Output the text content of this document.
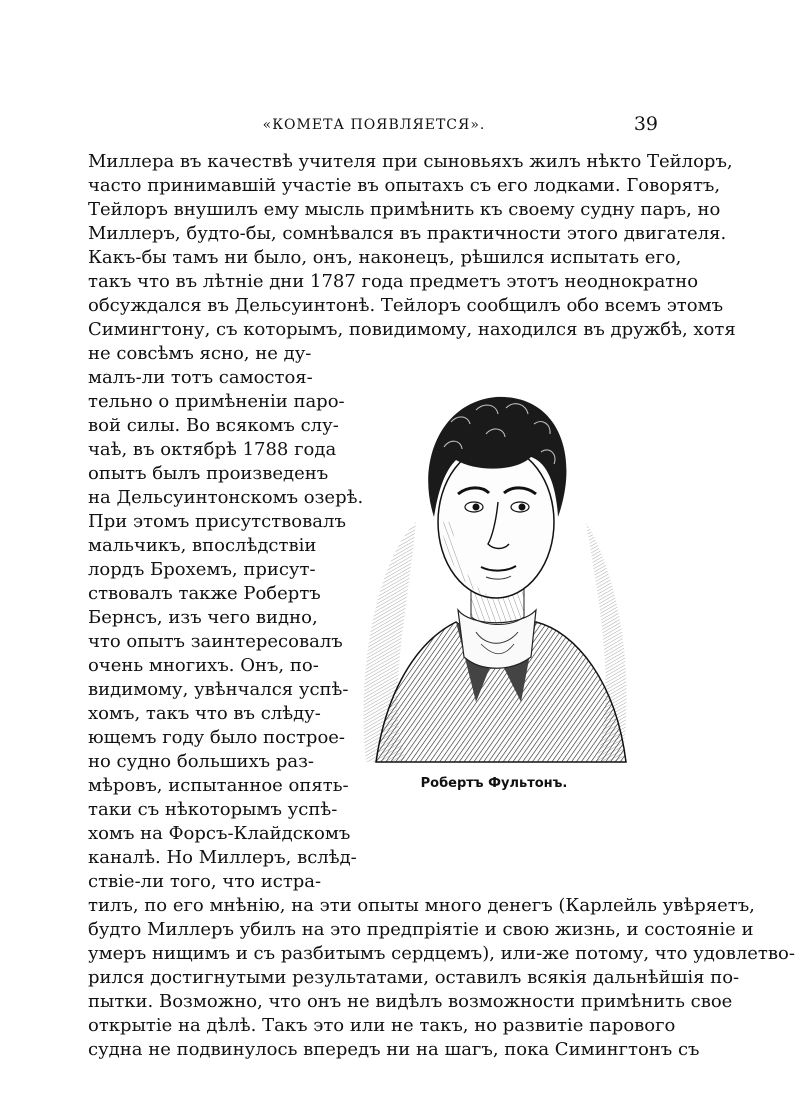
«КОМЕТА ПОЯВЛЯЕТСЯ».	39
Миллера въ качествѣ учителя при сыновьяхъ жилъ нѣкто Тейлоръ,
часто принимавшій участіе въ опытахъ съ его лодками. Говорятъ,
Тейлоръ внушилъ ему мысль примѣнить къ своему судну паръ, но
Миллеръ, будто-бы, сомнѣвался въ практичности этого двигателя.
Какъ-бы тамъ ни было, онъ, наконецъ, рѣшился испытать его,
такъ что въ лѣтніе дни 1787 года предметъ этотъ неоднократно
обсуждался въ Дельсуинтонѣ. Тейлоръ сообщилъ обо всемъ этомъ
Симингтону, съ которымъ, повидимому, находился въ дружбѣ, хотя
не совсѣмъ ясно, не ду-
малъ-ли тотъ самостоя-
тельно о примѣненіи паро-
вой силы. Во всякомъ слу-
чаѣ, въ октябрѣ 1788 года
опытъ былъ произведенъ
на Дельсуинтонскомъ озерѣ.
При этомъ присутствовалъ
мальчикъ, впослѣдствіи
лордъ Брохемъ, присут-
ствовалъ также Робертъ
Бернсъ, изъ чего видно,
что опытъ заинтересовалъ
очень многихъ. Онъ, по-
видимому, увѣнчался успѣ-
хомъ, такъ что въ слѣду-
ющемъ году было построе-
но судно большихъ раз-
мѣровъ, испытанное опять-
таки съ нѣкоторымъ успѣ-
хомъ на Форсъ-Клайдскомъ
каналѣ. Но Миллеръ, вслѣд-
ствіе-ли того, что истра-
тилъ, по его мнѣнію, на эти опыты много денегъ (Карлейль увѣряетъ,
будто Миллеръ убилъ на это предпріятіе и свою жизнь, и состояніе и
умеръ нищимъ и съ разбитымъ сердцемъ), или-же потому, что удовлетво-
рился достигнутыми результатами, оставилъ всякія дальнѣйшія по-
пытки. Возможно, что онъ не видѣлъ возможности примѣнить свое
открытіе на дѣлѣ. Такъ это или не такъ, но развитіе парового
судна не подвинулось впередъ ни на шагъ, пока Симингтонъ съ
Робертъ Фультонъ.
